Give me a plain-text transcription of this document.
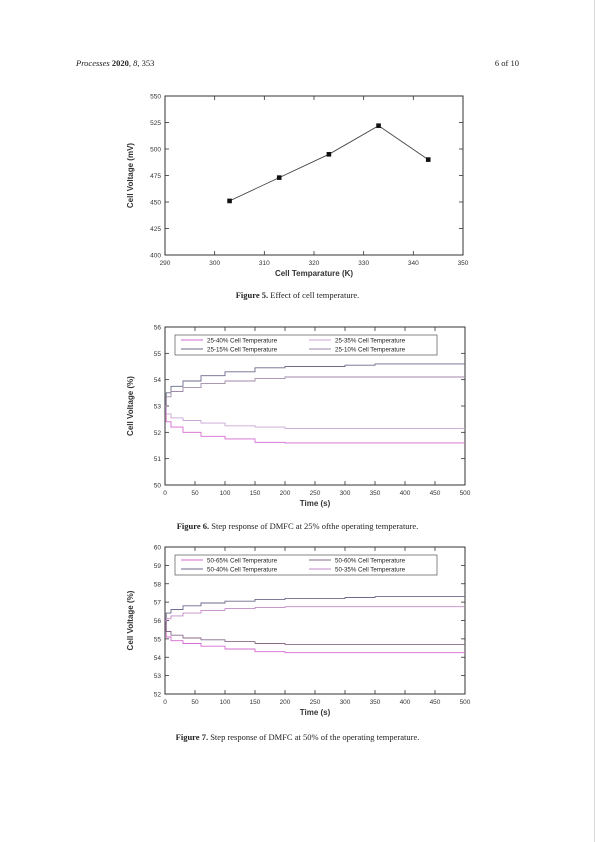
Processes 2020, 8, 353	6 of 10
290	300	310	320	330	340	350
400
425
450
475
500
525
550
Cell Temparature (K)
Cell Voltage (mV)
0	50	100	150	200	250	300	350	400	450	500
50
51
52
53
54
55
56
Time (s)
Cell Voltage (%)
25-40% Cell Temperature	25-35% Cell Temperature
25-15% Cell Temperature	25-10% Cell Temperature
0	50	100	150	200	250	300	350	400	450	500
52
53
54
55
56
57
58
59
60
Time (s)
Cell Voltage (%)
50-65% Cell Temperature	50-60% Cell Temperature
50-40% Cell Temperature	50-35% Cell Temperature
Figure 5. Effect of cell temperature.
Figure 6. Step response of DMFC at 25% ofthe operating temperature.
Figure 7. Step response of DMFC at 50% of the operating temperature.
